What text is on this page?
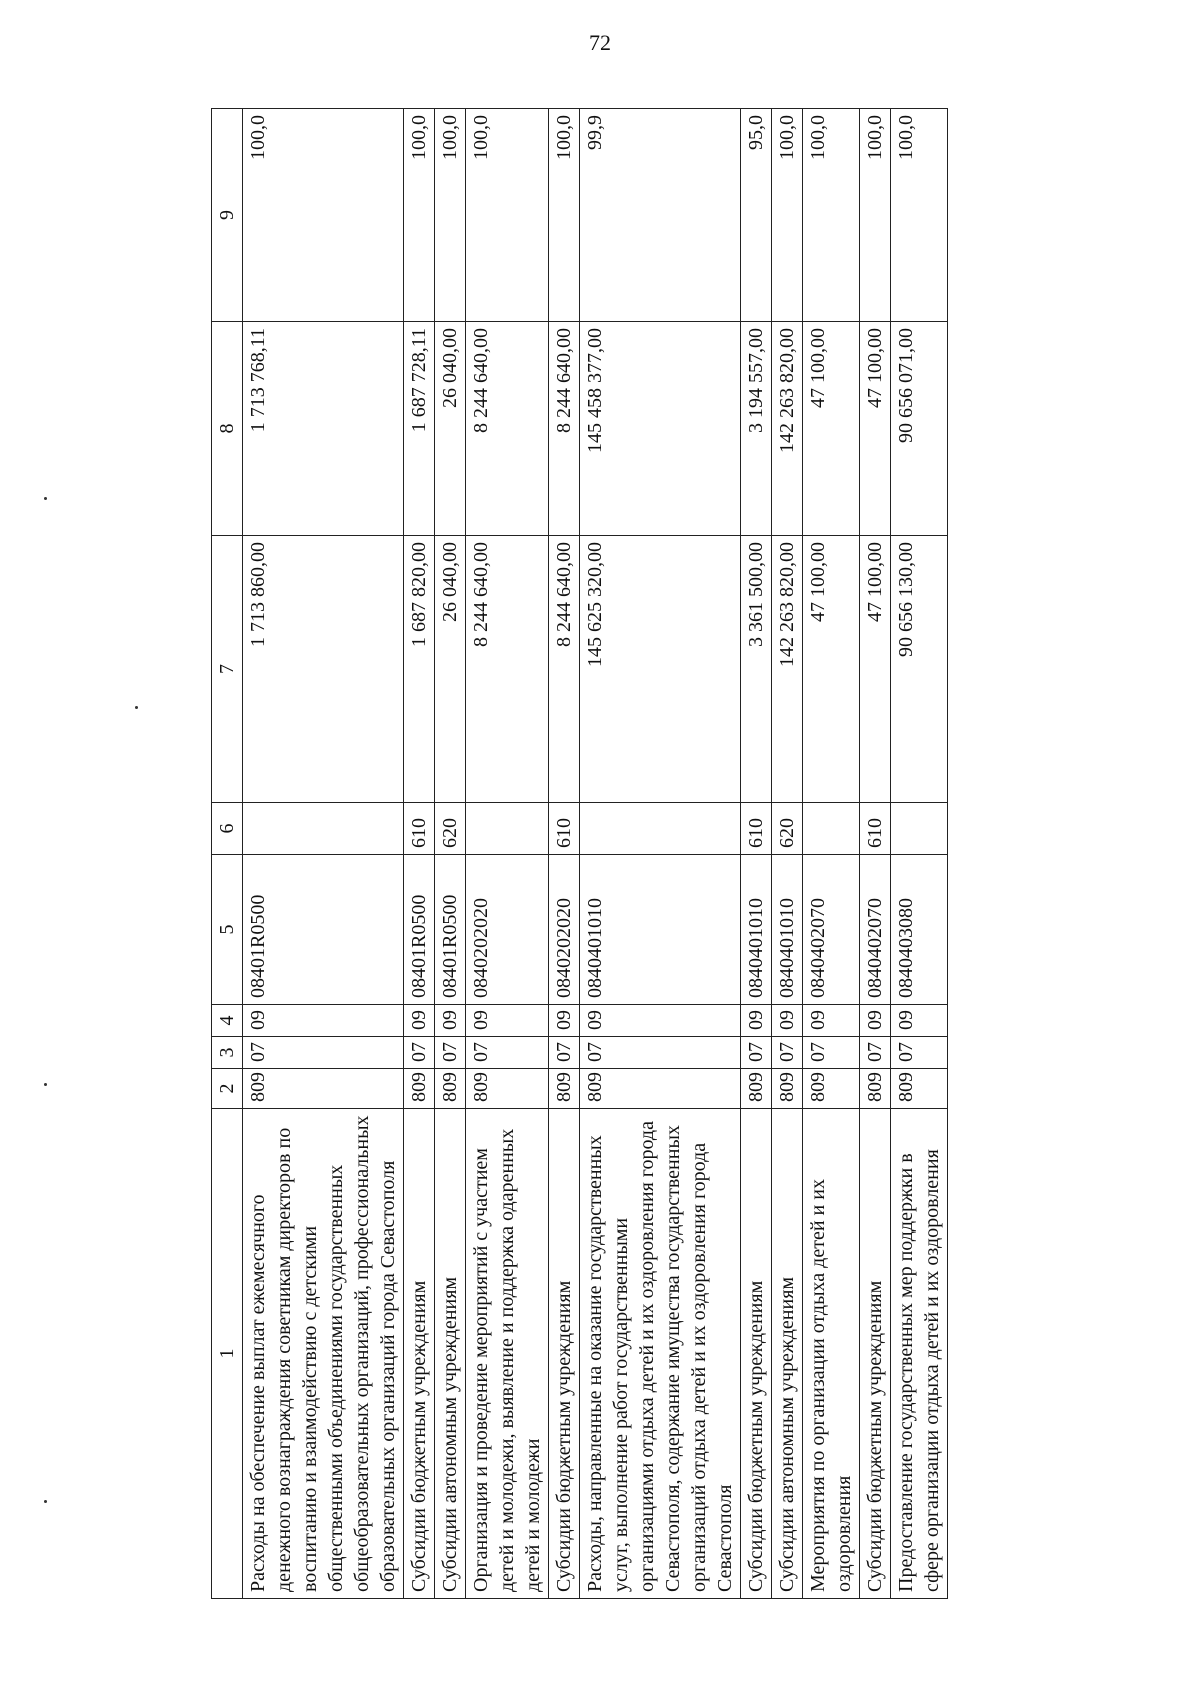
72
1	2	3	4	5	6	7	8	9
Расходы на обеспечение выплат ежемесячного денежного вознаграждения советникам директоров по воспитанию и взаимодействию с детскими общественными объединениями государственных общеобразовательных организаций, профессиональных образовательных организаций города Севастополя	809	07	09	08401R0500		1 713 860,00	1 713 768,11	100,0
Субсидии бюджетным учреждениям	809	07	09	08401R0500	610	1 687 820,00	1 687 728,11	100,0
Субсидии автономным учреждениям	809	07	09	08401R0500	620	26 040,00	26 040,00	100,0
Организация и проведение мероприятий с участием детей и молодежи, выявление и поддержка одаренных детей и молодежи	809	07	09	0840202020		8 244 640,00	8 244 640,00	100,0
Субсидии бюджетным учреждениям	809	07	09	0840202020	610	8 244 640,00	8 244 640,00	100,0
Расходы, направленные на оказание государственных услуг, выполнение работ государственными организациями отдыха детей и их оздоровления города Севастополя, содержание имущества государственных организаций отдыха детей и их оздоровления города Севастополя	809	07	09	0840401010		145 625 320,00	145 458 377,00	99,9
Субсидии бюджетным учреждениям	809	07	09	0840401010	610	3 361 500,00	3 194 557,00	95,0
Субсидии автономным учреждениям	809	07	09	0840401010	620	142 263 820,00	142 263 820,00	100,0
Мероприятия по организации отдыха детей и их оздоровления	809	07	09	0840402070		47 100,00	47 100,00	100,0
Субсидии бюджетным учреждениям	809	07	09	0840402070	610	47 100,00	47 100,00	100,0
Предоставление государственных мер поддержки в сфере организации отдыха детей и их оздоровления	809	07	09	0840403080		90 656 130,00	90 656 071,00	100,0
